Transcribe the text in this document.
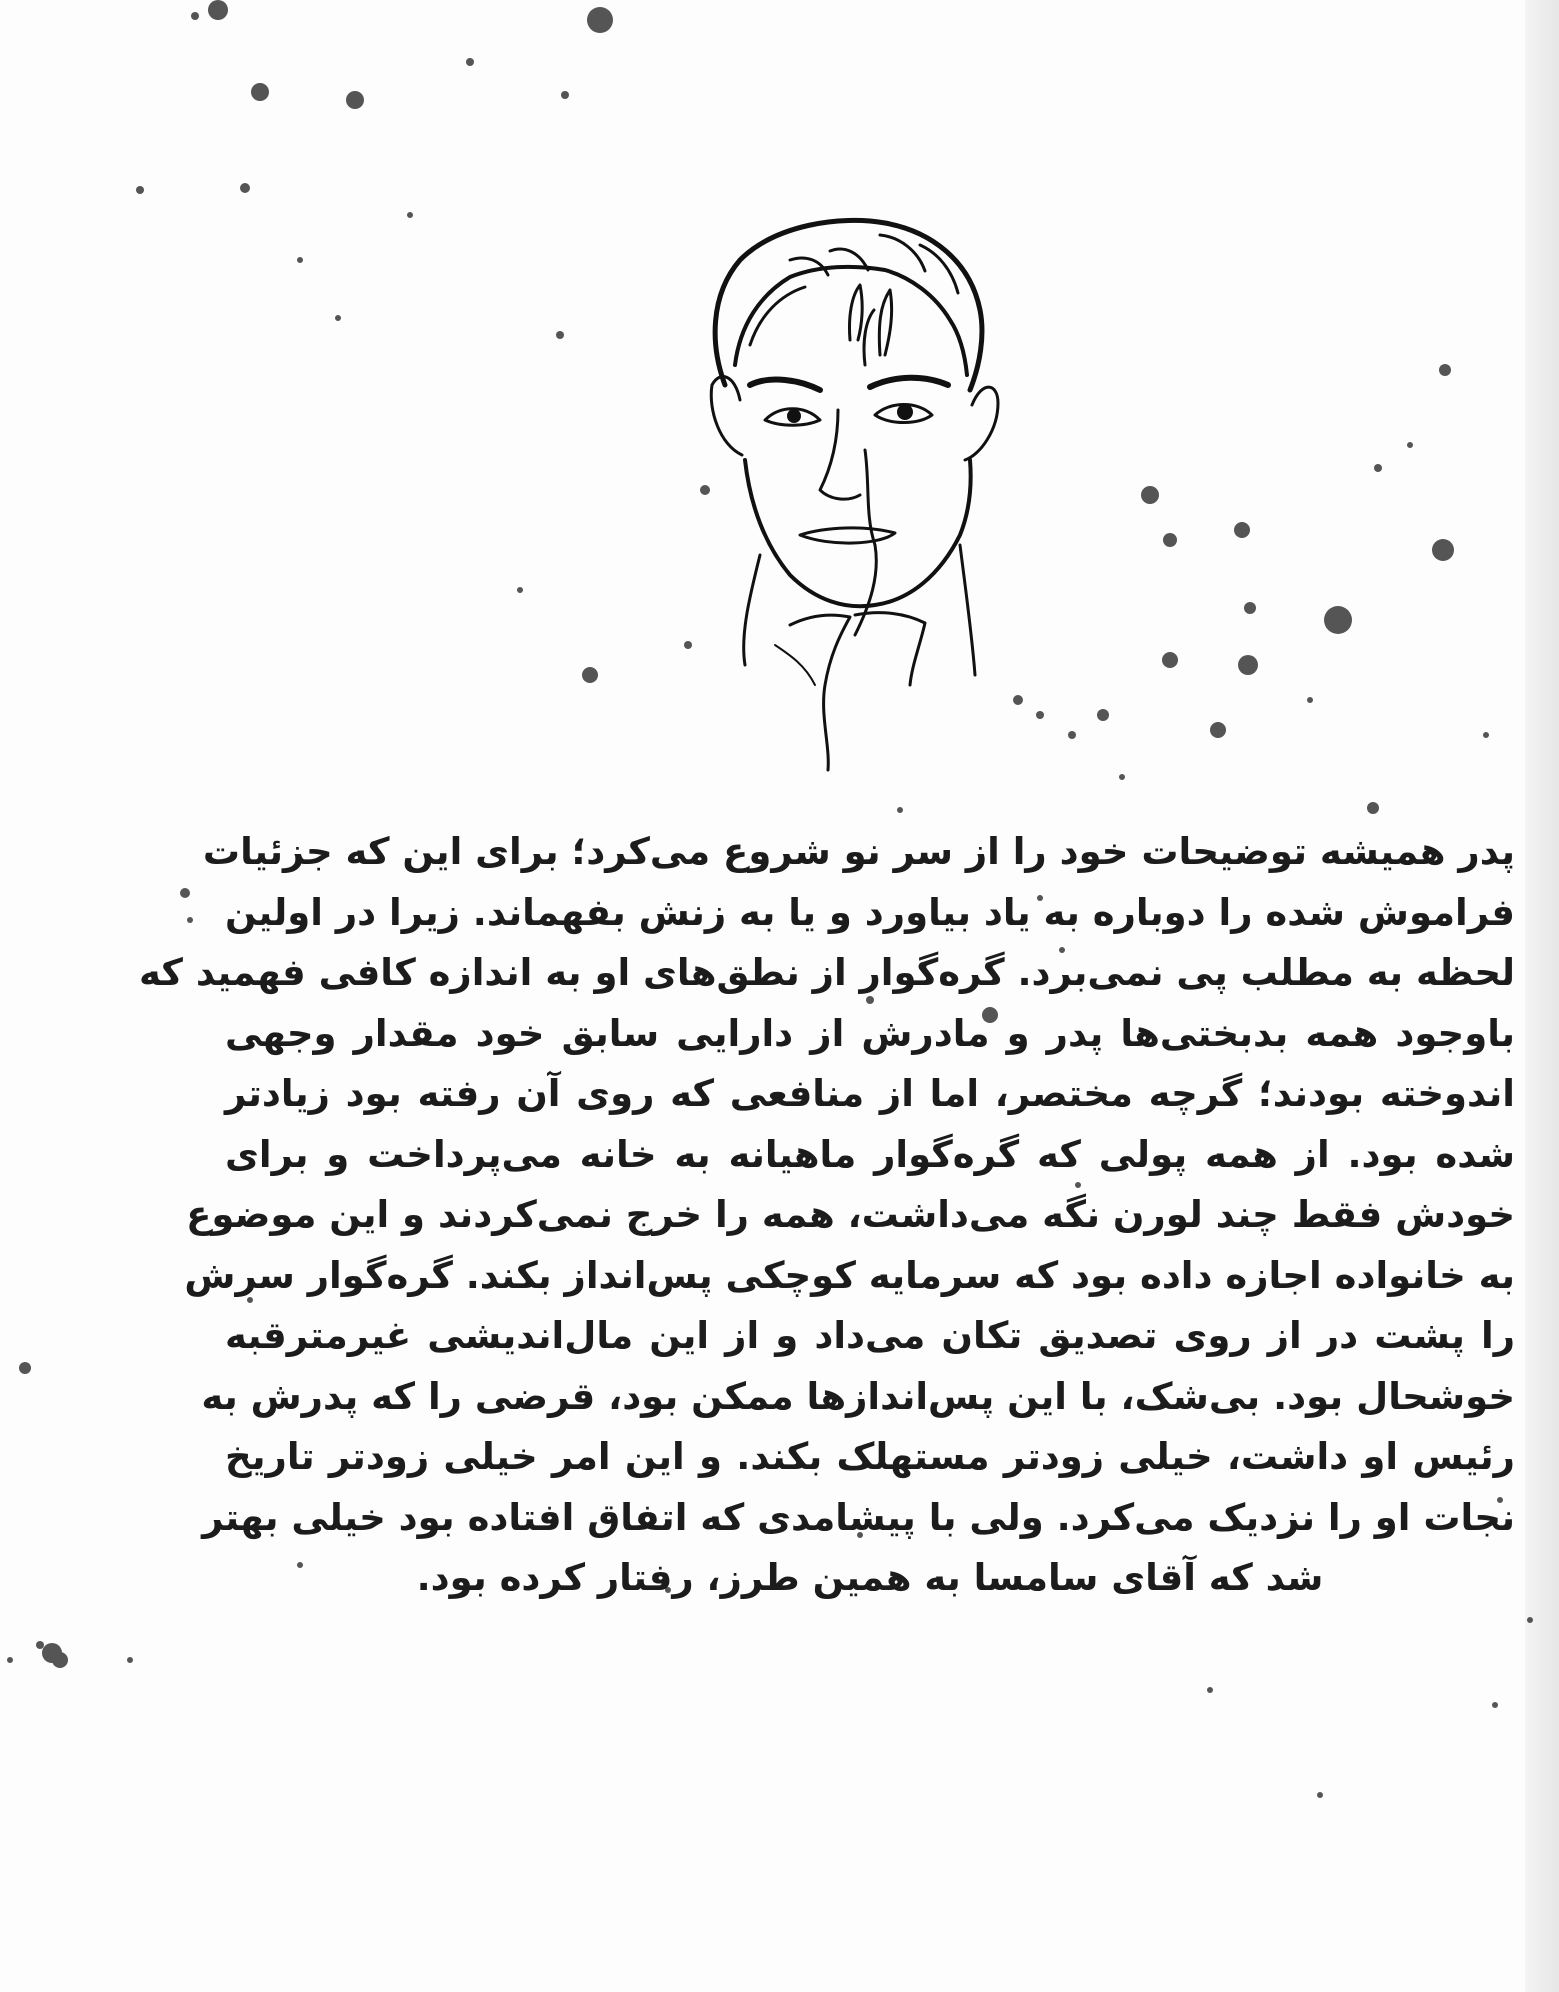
پدر همیشه توضیحات خود را از سر نو شروع می‌کرد؛ برای این که جزئیات
فراموش شده را دوباره به یاد بیاورد و یا به زنش بفهماند. زیرا در اولین
لحظه به مطلب پی نمی‌برد. گره‌گوار از نطق‌های او به اندازه کافی فهمید که
باوجود همه بدبختی‌ها پدر و مادرش از دارایی سابق خود مقدار وجهی
اندوخته بودند؛ گرچه مختصر، اما از منافعی که روی آن رفته بود زیادتر
شده بود. از همه پولی که گره‌گوار ماهیانه به خانه می‌پرداخت و برای
خودش فقط چند لورن نگه می‌داشت، همه را خرج نمی‌کردند و این موضوع
به خانواده اجازه داده بود که سرمایه کوچکی پس‌انداز بکند. گره‌گوار سرش
را پشت در از روی تصدیق تکان می‌داد و از این مال‌اندیشی غیرمترقبه
خوشحال بود. بی‌شک، با این پس‌اندازها ممکن بود، قرضی را که پدرش به
رئیس او داشت، خیلی زودتر مستهلک بکند. و این امر خیلی زودتر تاریخ
نجات او را نزدیک می‌کرد. ولی با پیشامدی که اتفاق افتاده بود خیلی بهتر
شد که آقای سامسا به همین طرز، رفتار کرده بود.
